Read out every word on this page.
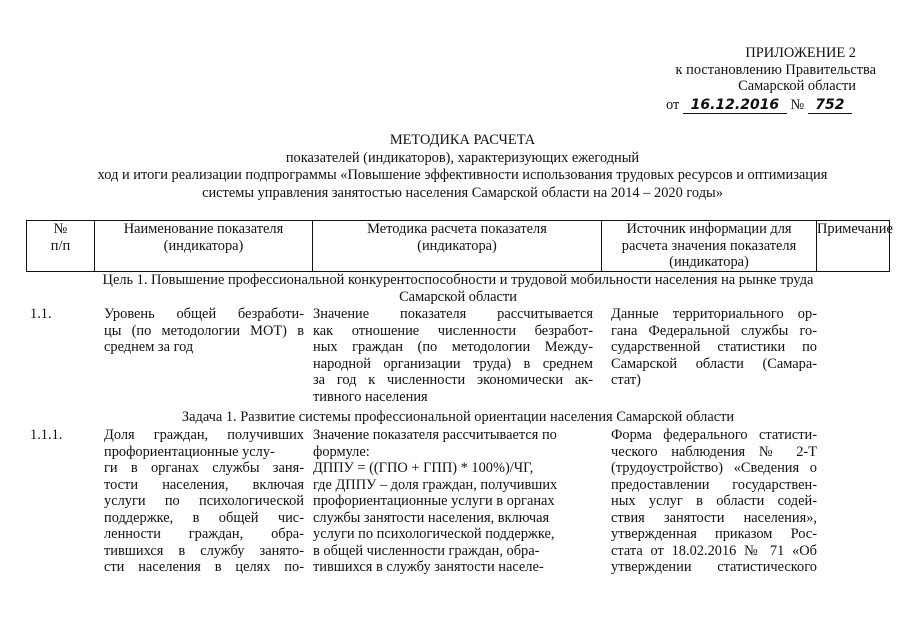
ПРИЛОЖЕНИЕ 2
к постановлению Правительства
Самарской области
от 16.12.2016 № 752
МЕТОДИКА РАСЧЕТА
показателей (индикаторов), характеризующих ежегодный
ход и итоги реализации подпрограммы «Повышение эффективности использования трудовых ресурсов и оптимизация
системы управления занятостью населения Самарской области на 2014 – 2020 годы»
№
п/п
Наименование показателя
(индикатора)
Методика расчета показателя
(индикатора)
Источник информации для
расчета значения показателя
(индикатора)
Примечание
Цель 1. Повышение профессиональной конкурентоспособности и трудовой мобильности населения на рынке труда
Самарской области
1.1.	Уровень общей безработи-
цы (по методологии МОТ) в
среднем за год
Значение показателя рассчитывается
как отношение численности безработ-
ных граждан (по методологии Между-
народной организации труда) в среднем
за год к численности экономически ак-
тивного населения
Данные территориального ор-
гана Федеральной службы го-
сударственной статистики по
Самарской области (Самара-
стат)
Задача 1. Развитие системы профессиональной ориентации населения Самарской области
1.1.1.	Доля граждан, получивших
профориентационные услу-
ги в органах службы заня-
тости населения, включая
услуги по психологической
поддержке, в общей чис-
ленности граждан, обра-
тившихся в службу занято-
сти населения в целях по-
Значение показателя рассчитывается по
формуле:
ДППУ = ((ГПО + ГПП) * 100%)/ЧГ,
где ДППУ – доля граждан, получивших
профориентационные услуги в органах
службы занятости населения, включая
услуги по психологической поддержке,
в общей численности граждан, обра-
тившихся в службу занятости населе-
Форма федерального статисти-
ческого наблюдения № 2-Т
(трудоустройство) «Сведения о
предоставлении государствен-
ных услуг в области содей-
ствия занятости населения»,
утвержденная приказом Рос-
стата от 18.02.2016 № 71 «Об
утверждении статистического
